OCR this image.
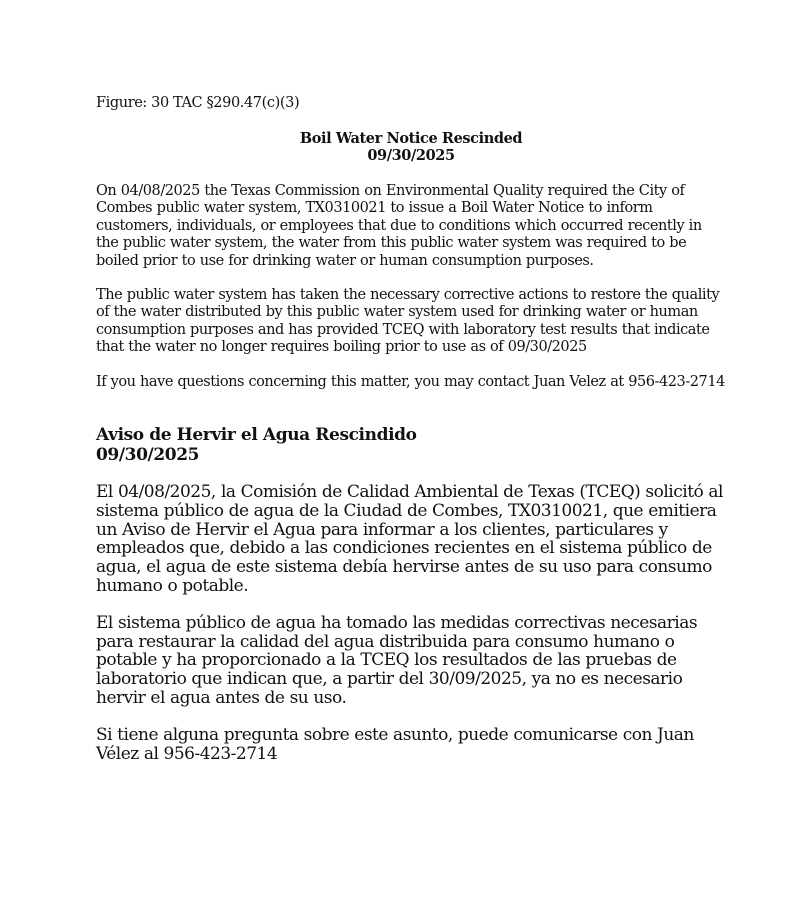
Figure: 30 TAC §290.47(c)(3)

Boil Water Notice Rescinded
09/30/2025

On 04/08/2025 the Texas Commission on Environmental Quality required the City of Combes public water system, TX0310021 to issue a Boil Water Notice to inform customers, individuals, or employees that due to conditions which occurred recently in the public water system, the water from this public water system was required to be boiled prior to use for drinking water or human consumption purposes.

The public water system has taken the necessary corrective actions to restore the quality of the water distributed by this public water system used for drinking water or human consumption purposes and has provided TCEQ with laboratory test results that indicate that the water no longer requires boiling prior to use as of 09/30/2025

If you have questions concerning this matter, you may contact Juan Velez at 956-423-2714

Aviso de Hervir el Agua Rescindido
09/30/2025

El 04/08/2025, la Comisión de Calidad Ambiental de Texas (TCEQ) solicitó al sistema público de agua de la Ciudad de Combes, TX0310021, que emitiera un Aviso de Hervir el Agua para informar a los clientes, particulares y empleados que, debido a las condiciones recientes en el sistema público de agua, el agua de este sistema debía hervirse antes de su uso para consumo humano o potable.

El sistema público de agua ha tomado las medidas correctivas necesarias para restaurar la calidad del agua distribuida para consumo humano o potable y ha proporcionado a la TCEQ los resultados de las pruebas de laboratorio que indican que, a partir del 30/09/2025, ya no es necesario hervir el agua antes de su uso.

Si tiene alguna pregunta sobre este asunto, puede comunicarse con Juan Vélez al 956-423-2714
